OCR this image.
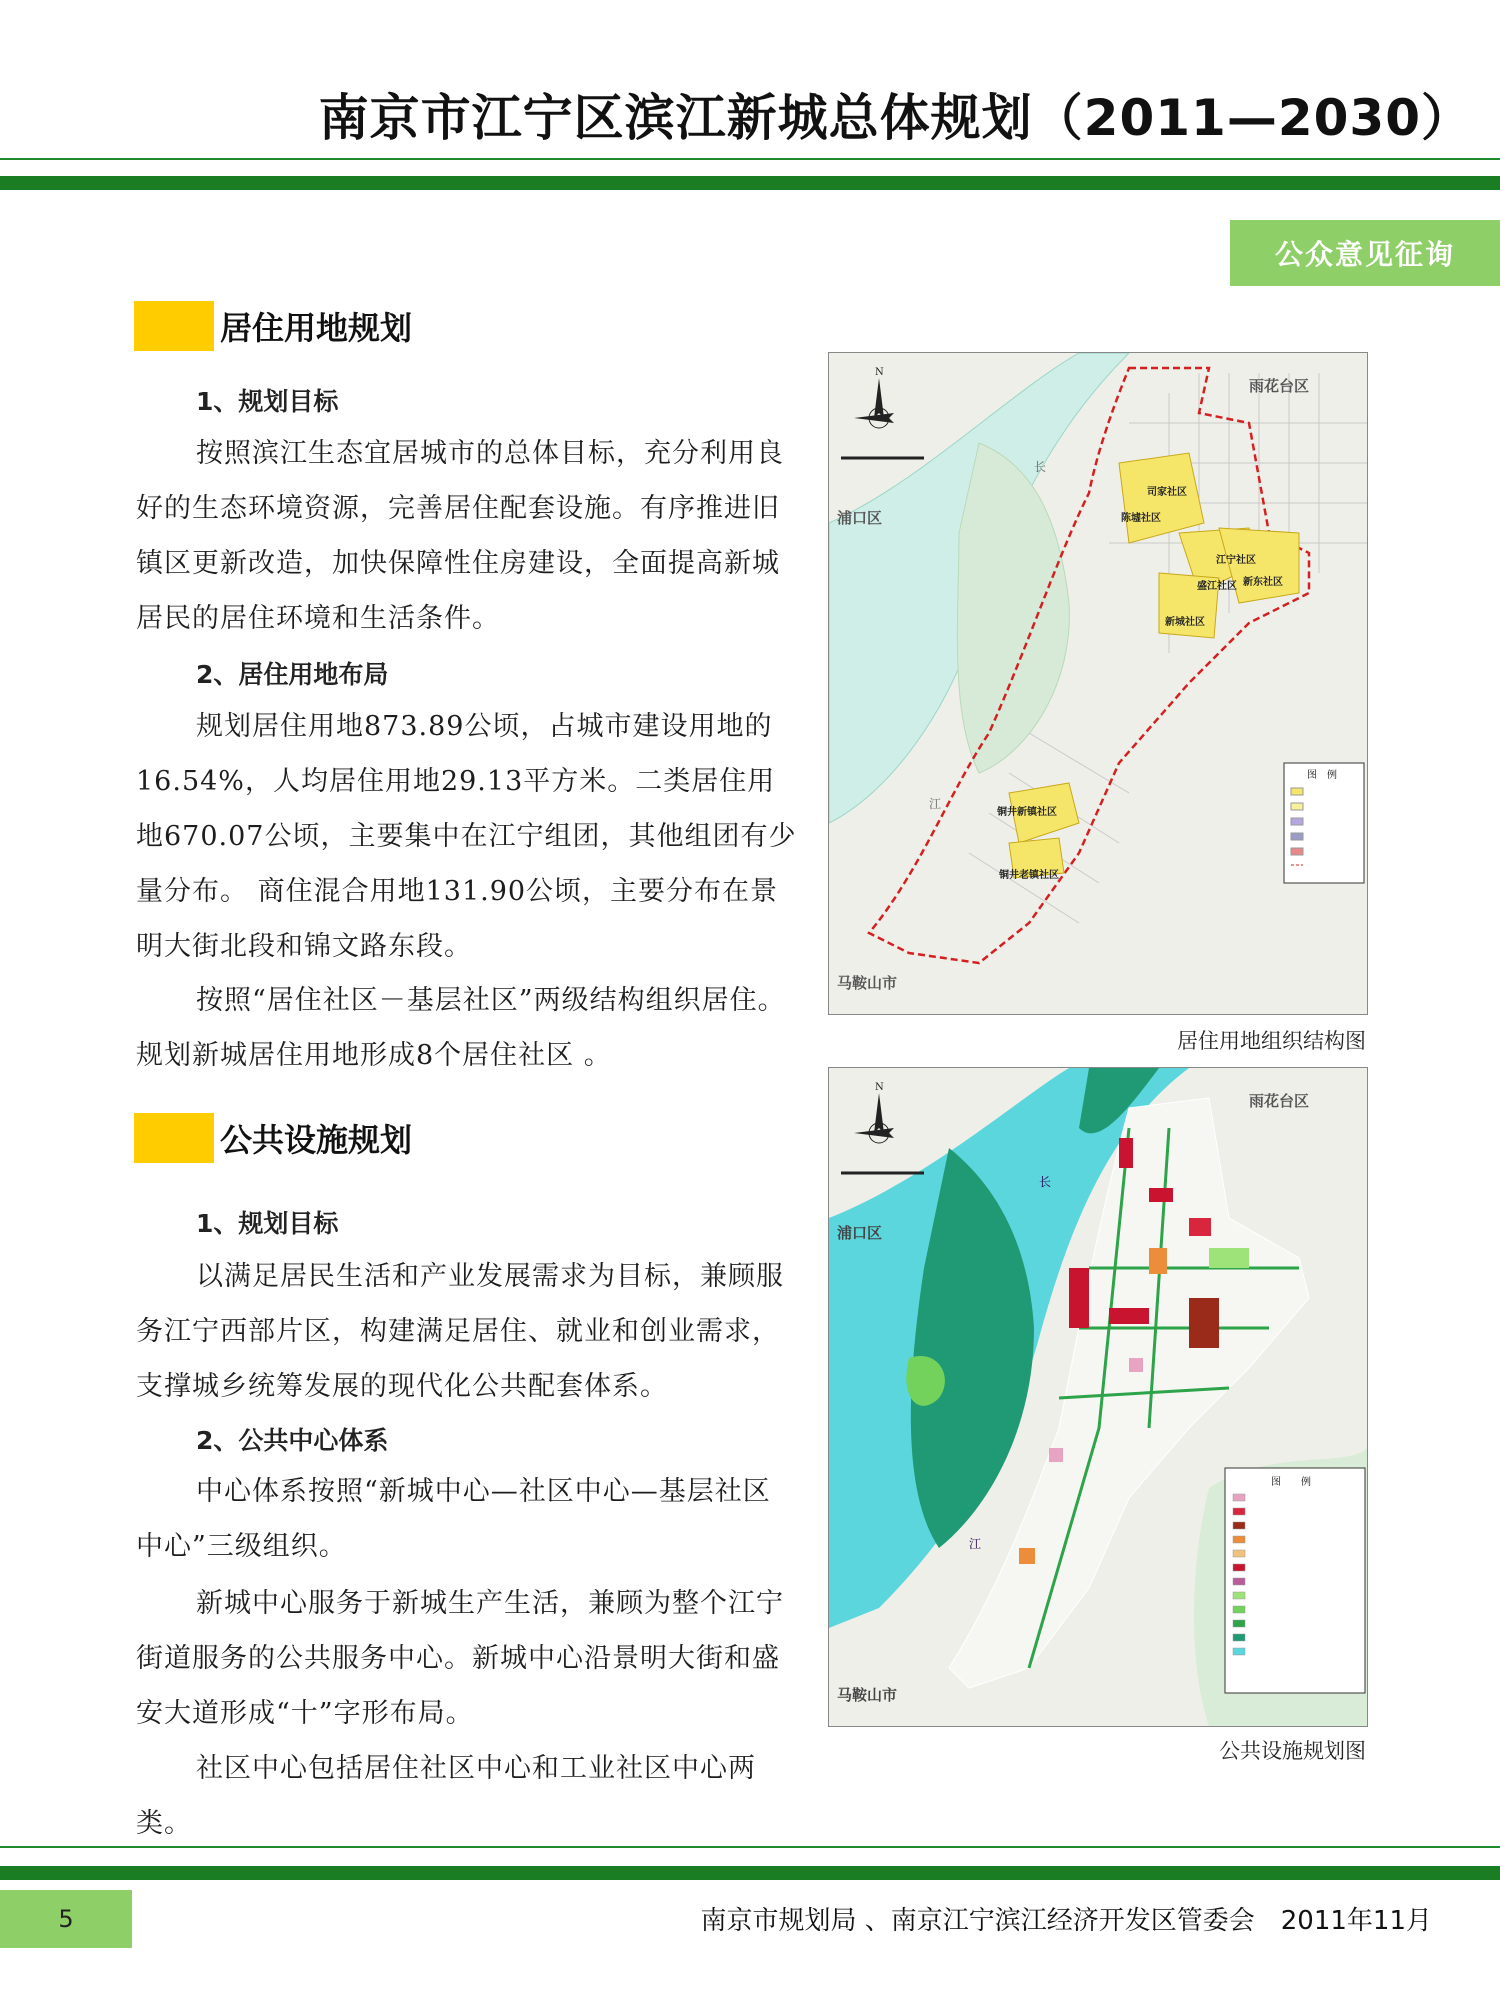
南京市江宁区滨江新城总体规划（2011—2030）
公众意见征询
居住用地规划
1、规划目标
按照滨江生态宜居城市的总体目标，充分利用良好的生态环境资源，完善居住配套设施。有序推进旧镇区更新改造，加快保障性住房建设，全面提高新城居民的居住环境和生活条件。
2、居住用地布局
规划居住用地873.89公顷，占城市建设用地的16.54%，人均居住用地29.13平方米。二类居住用地670.07公顷，主要集中在江宁组团，其他组团有少量分布。 商住混合用地131.90公顷，主要分布在景明大街北段和锦文路东段。
按照“居住社区－基层社区”两级结构组织居住。规划新城居住用地形成8个居住社区 。
公共设施规划
1、规划目标
以满足居民生活和产业发展需求为目标，兼顾服务江宁西部片区，构建满足居住、就业和创业需求，支撑城乡统筹发展的现代化公共配套体系。
2、公共中心体系
中心体系按照“新城中心—社区中心—基层社区中心”三级组织。
新城中心服务于新城生产生活，兼顾为整个江宁街道服务的公共服务中心。新城中心沿景明大街和盛安大道形成“十”字形布局。
社区中心包括居住社区中心和工业社区中心两类。
司家社区
陈墟社区
江宁社区
盛江社区 新东社区
新城社区
铜井新镇社区
铜井老镇社区
雨花台区
浦口区
马鞍山市
长
江
N
图　例
居住用地组织结构图
雨花台区
浦口区
马鞍山市
长
江
N
图　　例
公共设施规划图
5	南京市规划局 、南京江宁滨江经济开发区管委会　2011年11月
